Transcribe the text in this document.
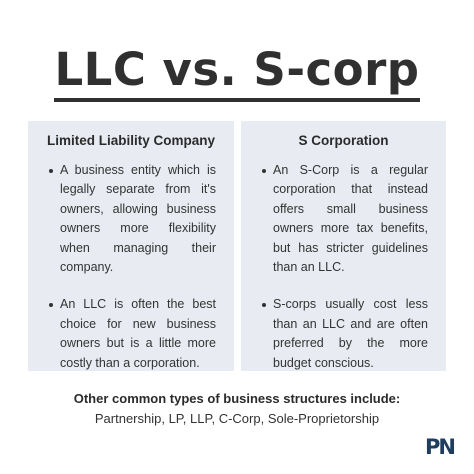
LLC vs. S-corp
Limited Liability Company
A business entity which is legally separate from it's owners, allowing business owners more flexibility when managing their company.
An LLC is often the best choice for new business owners but is a little more costly than a corporation.
S Corporation
An S-Corp is a regular corporation that instead offers small business owners more tax benefits, but has stricter guidelines than an LLC.
S-corps usually cost less than an LLC and are often preferred by the more budget conscious.
Other common types of business structures include:
Partnership, LP, LLP, C-Corp, Sole-Proprietorship
PN
